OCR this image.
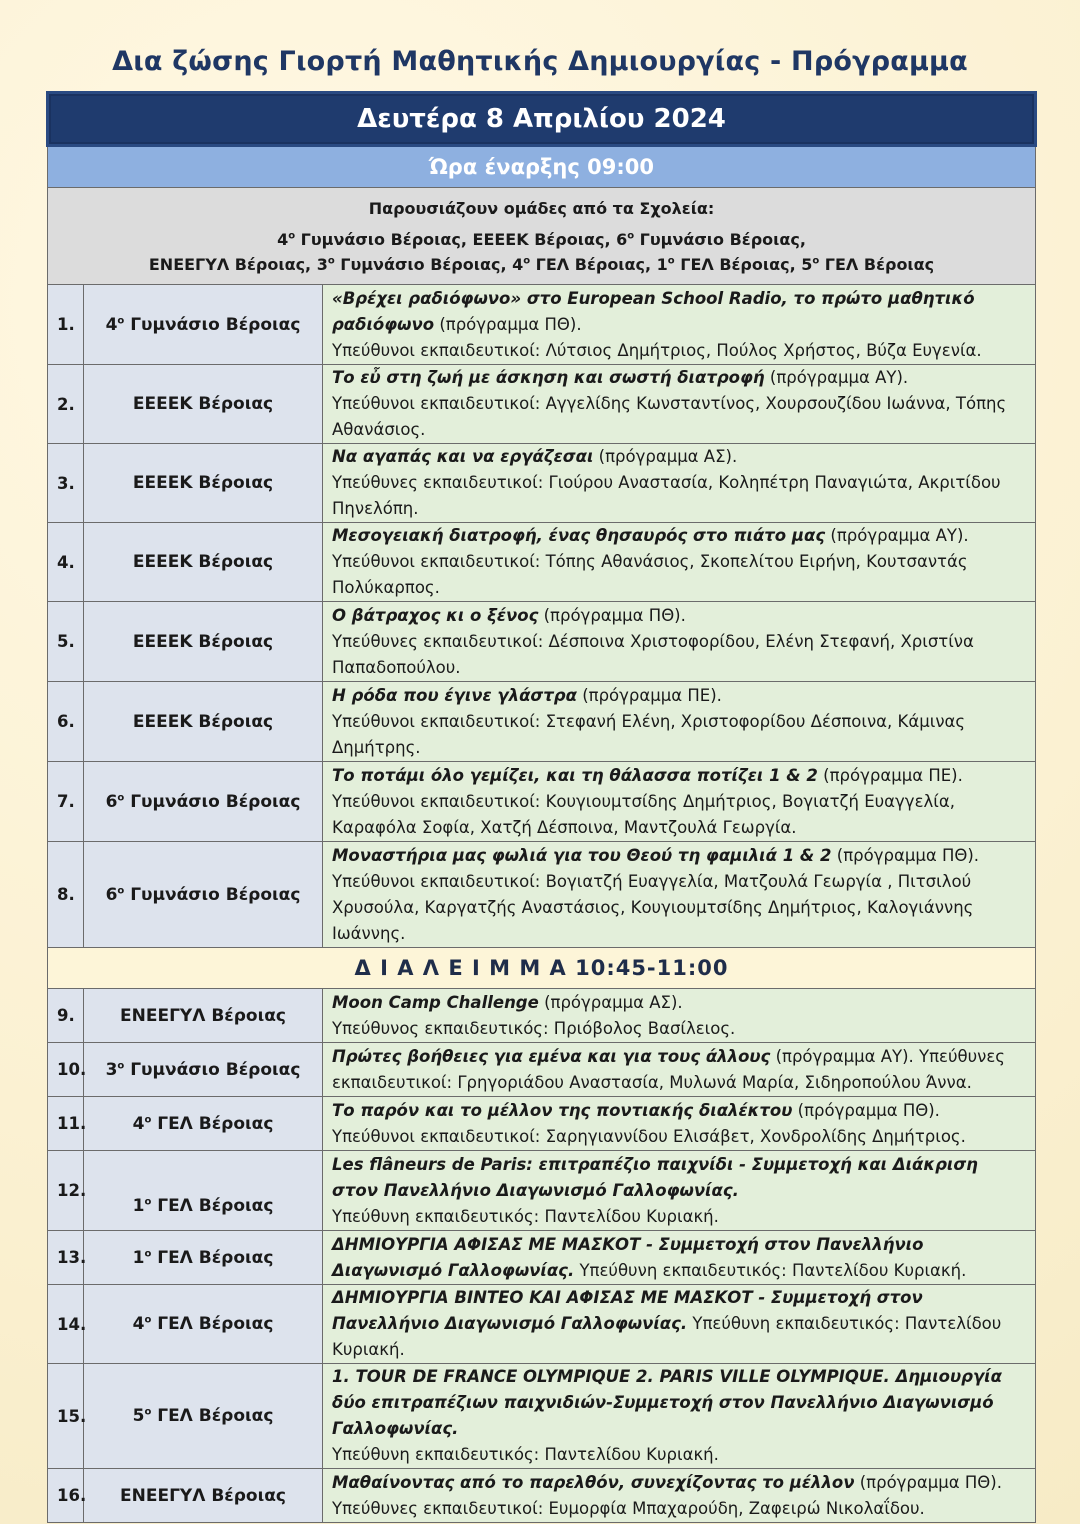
Δια ζώσης Γιορτή Μαθητικής Δημιουργίας - Πρόγραμμα
Δευτέρα 8 Απριλίου 2024		
Ώρα έναρξης 09:00		

Παρουσιάζουν ομάδες από τα Σχολεία:

$4^o$ Γυμνάσιο Βέροιας, ΕΕΕΕΚ Βέροιας, $6^o$ Γυμνάσιο Βέροιας,

ΕΝΕΕΓΥΛ Βέροιας, $3^o$ Γυμνάσιο Βέροιας, $4^o$ ΓΕΛ Βέροιας, $1^o$ ΓΕΛ Βέροιας, $5^o$ ΓΕΛ Βέροιας		

1.	$4^o$ Γυμνάσιο Βέροιας	«Βρέχει ραδιόφωνο» στο European School Radio, το πρώτο μαθητικό ραδιόφωνο (πρόγραμμα ΠΘ).
Υπεύθυνοι εκπαιδευτικοί: Λύτσιος Δημήτριος, Πούλος Χρήστος, Βύζα Ευγενία.
2.	ΕΕΕΕΚ Βέροιας	Το εὖ στη ζωή με άσκηση και σωστή διατροφή (πρόγραμμα ΑΥ).
Υπεύθυνοι εκπαιδευτικοί: Αγγελίδης Κωνσταντίνος, Χουρσουζίδου Ιωάννα, Τόπης Αθανάσιος.
3.	ΕΕΕΕΚ Βέροιας	Να αγαπάς και να εργάζεσαι (πρόγραμμα ΑΣ).
Υπεύθυνες εκπαιδευτικοί: Γιούρου Αναστασία, Κοληπέτρη Παναγιώτα, Ακριτίδου Πηνελόπη.
4.	ΕΕΕΕΚ Βέροιας	Μεσογειακή διατροφή, ένας θησαυρός στο πιάτο μας (πρόγραμμα ΑΥ).
Υπεύθυνοι εκπαιδευτικοί: Τόπης Αθανάσιος, Σκοπελίτου Ειρήνη, Κουτσαντάς Πολύκαρπος.
5.	ΕΕΕΕΚ Βέροιας	Ο βάτραχος κι ο ξένος (πρόγραμμα ΠΘ).
Υπεύθυνες εκπαιδευτικοί: Δέσποινα Χριστοφορίδου, Ελένη Στεφανή, Χριστίνα Παπαδοπούλου.
6.	ΕΕΕΕΚ Βέροιας	Η ρόδα που έγινε γλάστρα (πρόγραμμα ΠΕ).
Υπεύθυνοι εκπαιδευτικοί: Στεφανή Ελένη, Χριστοφορίδου Δέσποινα, Κάμινας Δημήτρης.
7.	$6^o$ Γυμνάσιο Βέροιας	Το ποτάμι όλο γεμίζει, και τη θάλασσα ποτίζει 1 & 2 (πρόγραμμα ΠΕ).
Υπεύθυνοι εκπαιδευτικοί: Κουγιουμτσίδης Δημήτριος, Βογιατζή Ευαγγελία, Καραφόλα Σοφία, Χατζή Δέσποινα, Μαντζουλά Γεωργία.
8.	$6^o$ Γυμνάσιο Βέροιας	Μοναστήρια μας φωλιά για του Θεού τη φαμιλιά 1 & 2 (πρόγραμμα ΠΘ).
Υπεύθυνοι εκπαιδευτικοί: Βογιατζή Ευαγγελία, Ματζουλά Γεωργία , Πιτσιλού Χρυσούλα, Καργατζής Αναστάσιος, Κουγιουμτσίδης Δημήτριος, Καλογιάννης Ιωάννης.
Δ Ι Α Λ Ε Ι Μ Μ Α 10:45-11:00		
9.	ΕΝΕΕΓΥΛ Βέροιας	Moon Camp Challenge (πρόγραμμα ΑΣ).
Υπεύθυνος εκπαιδευτικός: Πριόβολος Βασίλειος.
10.	$3^o$ Γυμνάσιο Βέροιας	Πρώτες βοήθειες για εμένα και για τους άλλους (πρόγραμμα ΑΥ). Υπεύθυνες
εκπαιδευτικοί: Γρηγοριάδου Αναστασία, Μυλωνά Μαρία, Σιδηροπούλου Άννα.
11.	$4^o$ ΓΕΛ Βέροιας	Το παρόν και το μέλλον της ποντιακής διαλέκτου (πρόγραμμα ΠΘ).
Υπεύθυνοι εκπαιδευτικοί: Σαρηγιαννίδου Ελισάβετ, Χονδρολίδης Δημήτριος.
12.	$1^o$ ΓΕΛ Βέροιας	Les flâneurs de Paris: επιτραπέζιο παιχνίδι - Συμμετοχή και Διάκριση στον Πανελλήνιο Διαγωνισμό Γαλλοφωνίας.
Υπεύθυνη εκπαιδευτικός: Παντελίδου Κυριακή.
13.	$1^o$ ΓΕΛ Βέροιας	ΔΗΜΙΟΥΡΓΙΑ ΑΦΙΣΑΣ ΜΕ ΜΑΣΚΟΤ - Συμμετοχή στον Πανελλήνιο Διαγωνισμό Γαλλοφωνίας. Υπεύθυνη εκπαιδευτικός: Παντελίδου Κυριακή.
14.	$4^o$ ΓΕΛ Βέροιας	ΔΗΜΙΟΥΡΓΙΑ ΒΙΝΤΕΟ ΚΑΙ ΑΦΙΣΑΣ ΜΕ ΜΑΣΚΟΤ - Συμμετοχή στον Πανελλήνιο Διαγωνισμό Γαλλοφωνίας. Υπεύθυνη εκπαιδευτικός: Παντελίδου Κυριακή.
15.	$5^o$ ΓΕΛ Βέροιας	1. TOUR DE FRANCE OLYMPIQUE 2. PARIS VILLE OLYMPIQUE. Δημιουργία δύο επιτραπέζιων παιχνιδιών-Συμμετοχή στον Πανελλήνιο Διαγωνισμό Γαλλοφωνίας.
Υπεύθυνη εκπαιδευτικός: Παντελίδου Κυριακή.
16.	ΕΝΕΕΓΥΛ Βέροιας	Μαθαίνοντας από το παρελθόν, συνεχίζοντας το μέλλον (πρόγραμμα ΠΘ).
Υπεύθυνες εκπαιδευτικοί: Ευμορφία Μπαχαρούδη, Ζαφειρώ Νικολαΐδου.
